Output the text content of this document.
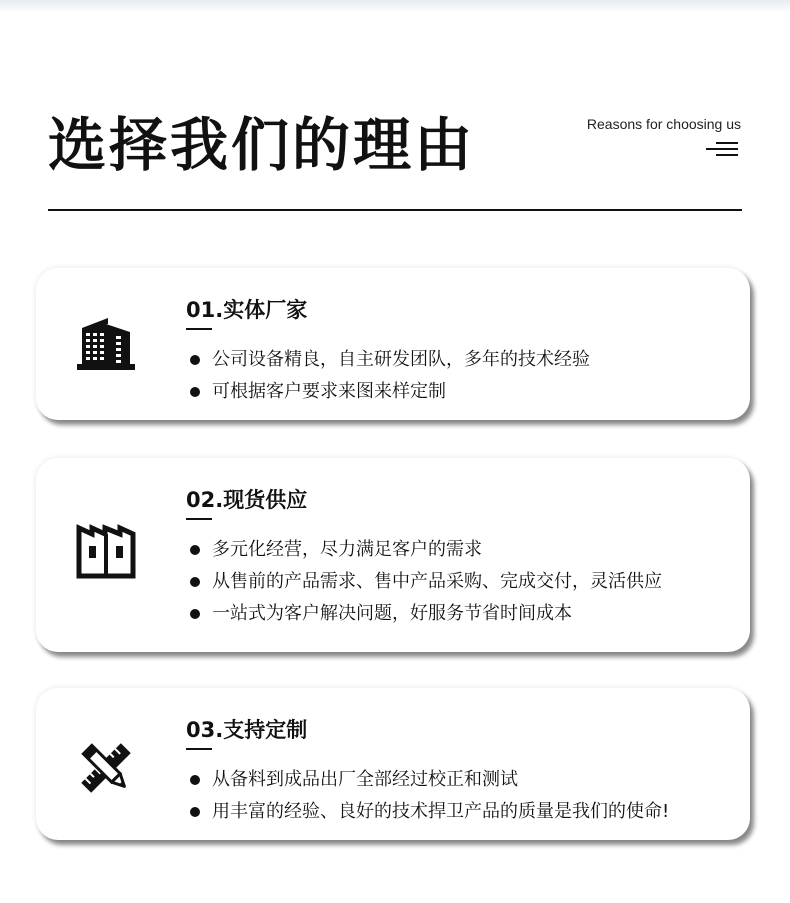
选择我们的理由	Reasons for choosing us
01.实体厂家
公司设备精良，自主研发团队，多年的技术经验
可根据客户要求来图来样定制
02.现货供应
多元化经营，尽力满足客户的需求
从售前的产品需求、售中产品采购、完成交付，灵活供应
一站式为客户解决问题，好服务节省时间成本
03.支持定制
从备料到成品出厂全部经过校正和测试
用丰富的经验、良好的技术捍卫产品的质量是我们的使命!
